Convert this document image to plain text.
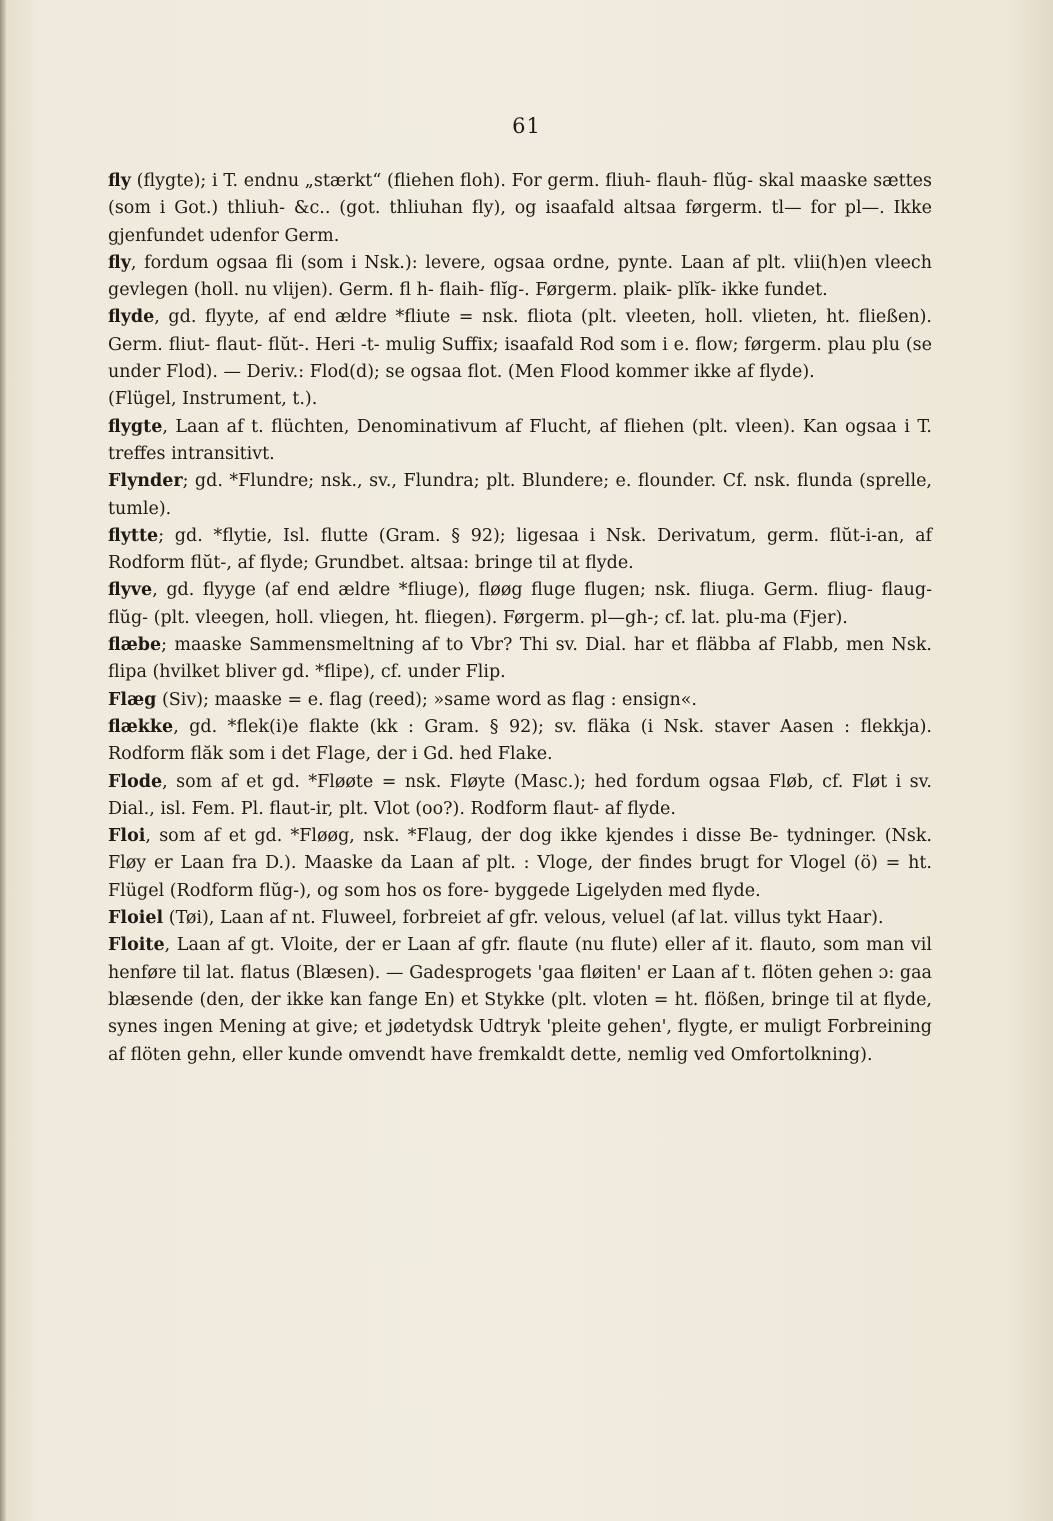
61

fly (flygte); i T. endnu „stærkt“ (fliehen floh). For germ. fliuh- flauh- flŭg- skal maaske sættes (som i Got.) thliuh- &c.. (got. thliuhan fly), og isaafald altsaa førgerm. tl— for pl—. Ikke gjenfundet udenfor Germ.

fly, fordum ogsaa fli (som i Nsk.): levere, ogsaa ordne, pynte. Laan af plt. vlii(h)en vleech gevlegen (holl. nu vlijen). Germ. fl h- flaih- flĭg-. Førgerm. plaik- plĭk- ikke fundet.

flyde, gd. flyyte, af end ældre *fliute = nsk. fliota (plt. vleeten, holl. vlieten, ht. fließen). Germ. fliut- flaut- flŭt-. Heri -t- mulig Suffix; isaafald Rod som i e. flow; førgerm. plau plu (se under Flod). — Deriv.: Flod(d); se ogsaa flot. (Men Flood kommer ikke af flyde).

(Flügel, Instrument, t.).

flygte, Laan af t. flüchten, Denominativum af Flucht, af fliehen (plt. vleen). Kan ogsaa i T. treffes intransitivt.

Flynder; gd. *Flundre; nsk., sv., Flundra; plt. Blundere; e. flounder. Cf. nsk. flunda (sprelle, tumle).

flytte; gd. *flytie, Isl. flutte (Gram. § 92); ligesaa i Nsk. Derivatum, germ. flŭt-i-an, af Rodform flŭt-, af flyde; Grundbet. altsaa: bringe til at flyde.

flyve, gd. flyyge (af end ældre *fliuge), fløøg fluge flugen; nsk. fliuga. Germ. fliug- flaug- flŭg- (plt. vleegen, holl. vliegen, ht. fliegen). Førgerm. pl—gh-; cf. lat. plu-ma (Fjer).

flæbe; maaske Sammensmeltning af to Vbr? Thi sv. Dial. har et fläbba af Flabb, men Nsk. flipa (hvilket bliver gd. *flipe), cf. under Flip.

Flæg (Siv); maaske = e. flag (reed); »same word as flag : ensign«.

flække, gd. *flek(i)e flakte (kk : Gram. § 92); sv. fläka (i Nsk. staver Aasen : flekkja). Rodform flăk som i det Flage, der i Gd. hed Flake.

Flode, som af et gd. *Fløøte = nsk. Fløyte (Masc.); hed fordum ogsaa Fløb, cf. Fløt i sv. Dial., isl. Fem. Pl. flaut-ir, plt. Vlot (oo?). Rodform flaut- af flyde.

Floi, som af et gd. *Fløøg, nsk. *Flaug, der dog ikke kjendes i disse Be- tydninger. (Nsk. Fløy er Laan fra D.). Maaske da Laan af plt. : Vloge, der findes brugt for Vlogel (ö) = ht. Flügel (Rodform flŭg-), og som hos os fore- byggede Ligelyden med flyde.

Floiel (Tøi), Laan af nt. Fluweel, forbreiet af gfr. velous, veluel (af lat. villus tykt Haar).

Floite, Laan af gt. Vloite, der er Laan af gfr. flaute (nu flute) eller af it. flauto, som man vil henføre til lat. flatus (Blæsen). — Gadesprogets 'gaa fløiten' er Laan af t. flöten gehen ɔ: gaa blæsende (den, der ikke kan fange En) et Stykke (plt. vloten = ht. flößen, bringe til at flyde, synes ingen Mening at give; et jødetydsk Udtryk 'pleite gehen', flygte, er muligt Forbreining af flöten gehn, eller kunde omvendt have fremkaldt dette, nemlig ved Omfortolkning).
